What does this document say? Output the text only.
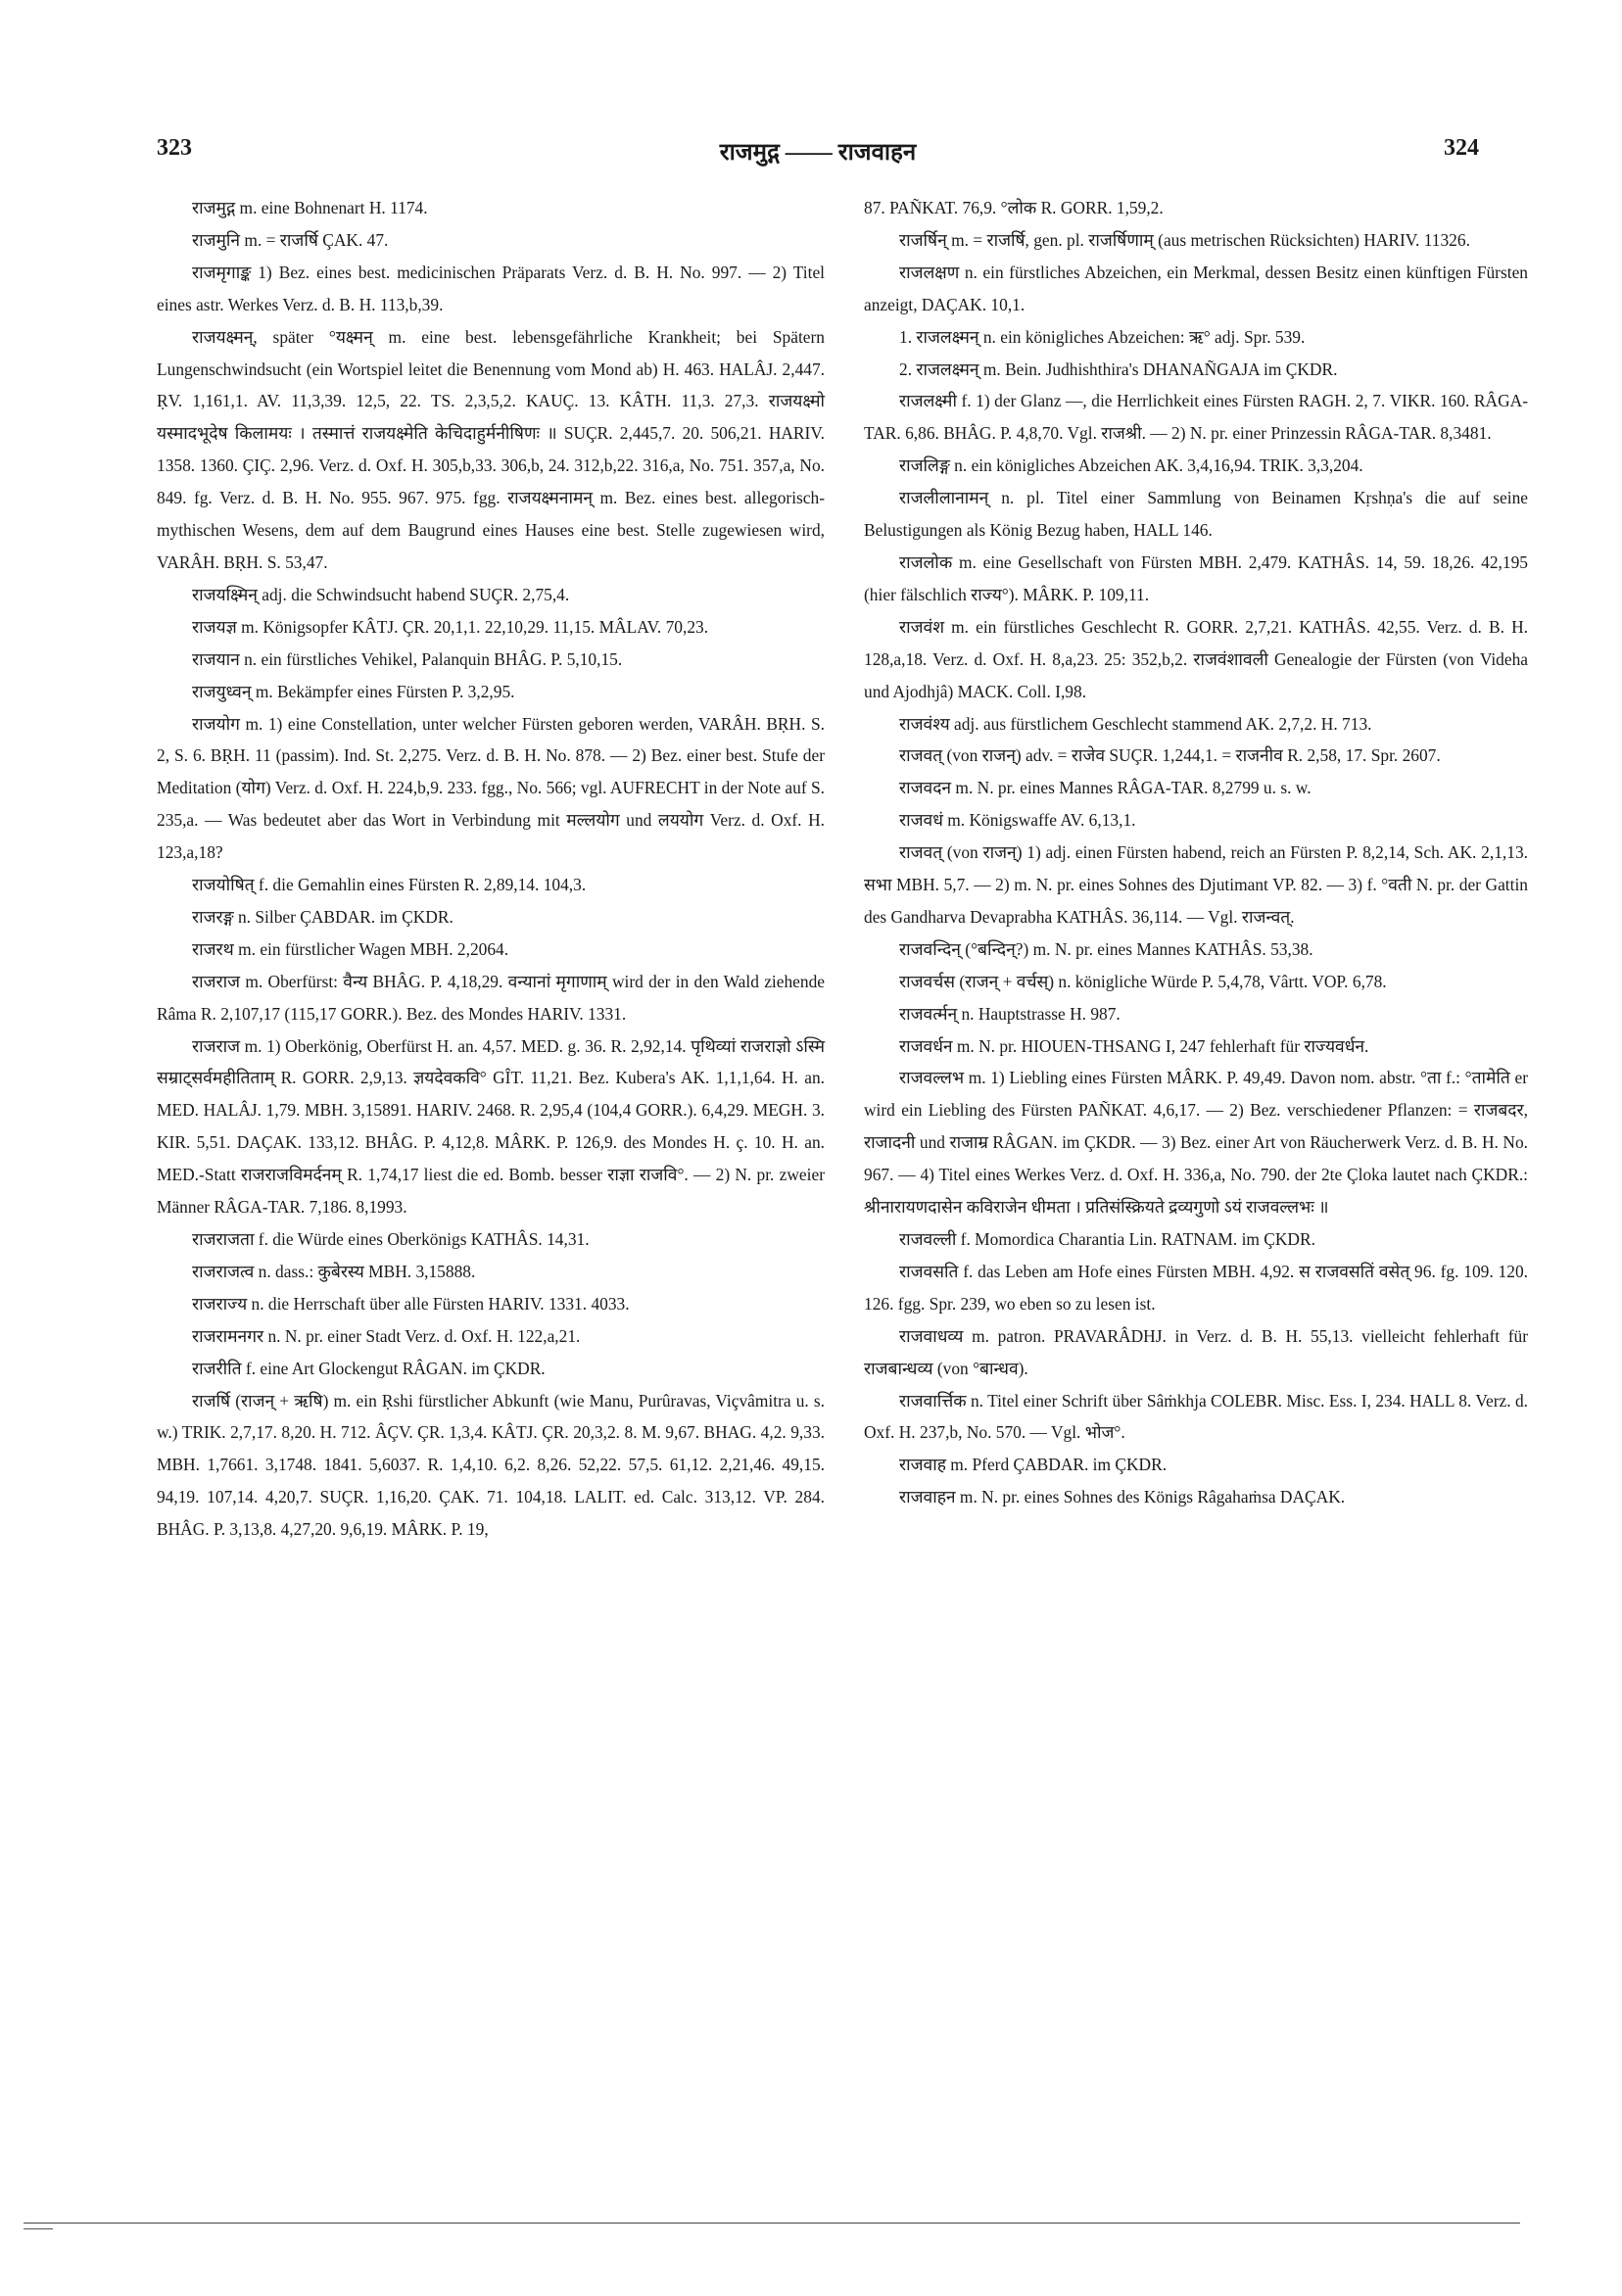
323	राजमुद्ग —— राजवाहन	324

राजमुद्ग m. eine Bohnenart H. 1174.

राजमुनि m. = राजर्षि ÇAK. 47.

राजमृगाङ्क 1) Bez. eines best. medicinischen Präparats Verz. d. B. H. No. 997. — 2) Titel eines astr. Werkes Verz. d. B. H. 113,b,39.

राजयक्ष्मन्, später °यक्ष्मन् m. eine best. lebensgefährliche Krankheit; bei Spätern Lungenschwindsucht (ein Wortspiel leitet die Benennung vom Mond ab) H. 463. HALÂJ. 2,447. ṚV. 1,161,1. AV. 11,3,39. 12,5, 22. TS. 2,3,5,2. KAUÇ. 13. KÂTH. 11,3. 27,3. राजयक्ष्मो यस्मादभूदेष किलामयः । तस्मात्तं राजयक्ष्मेति केचिदाहुर्मनीषिणः ॥ SUÇR. 2,445,7. 20. 506,21. HARIV. 1358. 1360. ÇIÇ. 2,96. Verz. d. Oxf. H. 305,b,33. 306,b, 24. 312,b,22. 316,a, No. 751. 357,a, No. 849. fg. Verz. d. B. H. No. 955. 967. 975. fgg. राजयक्ष्मनामन् m. Bez. eines best. allegorisch-mythischen Wesens, dem auf dem Baugrund eines Hauses eine best. Stelle zugewiesen wird, VARÂH. BṚH. S. 53,47.

राजयक्ष्मिन् adj. die Schwindsucht habend SUÇR. 2,75,4.

राजयज्ञ m. Königsopfer KÂTJ. ÇR. 20,1,1. 22,10,29. 11,15. MÂLAV. 70,23.

राजयान n. ein fürstliches Vehikel, Palanquin BHÂG. P. 5,10,15.

राजयुध्वन् m. Bekämpfer eines Fürsten P. 3,2,95.

राजयोग m. 1) eine Constellation, unter welcher Fürsten geboren werden, VARÂH. BṚH. S. 2, S. 6. BṚH. 11 (passim). Ind. St. 2,275. Verz. d. B. H. No. 878. — 2) Bez. einer best. Stufe der Meditation (योग) Verz. d. Oxf. H. 224,b,9. 233. fgg., No. 566; vgl. AUFRECHT in der Note auf S. 235,a. — Was bedeutet aber das Wort in Verbindung mit मल्लयोग und लययोग Verz. d. Oxf. H. 123,a,18?

राजयोषित् f. die Gemahlin eines Fürsten R. 2,89,14. 104,3.

राजरङ्ग n. Silber ÇABDAR. im ÇKDR.

राजरथ m. ein fürstlicher Wagen MBH. 2,2064.

राजराज m. Oberfürst: वैन्य BHÂG. P. 4,18,29. वन्यानां मृगाणाम् wird der in den Wald ziehende Râma R. 2,107,17 (115,17 GORR.). Bez. des Mondes HARIV. 1331.

राजराज m. 1) Oberkönig, Oberfürst H. an. 4,57. MED. g. 36. R. 2,92,14. पृथिव्यां राजराज्ञो ऽस्मि सम्राट्सर्वमहीतिताम् R. GORR. 2,9,13. ज्ञयदेवकवि° GÎT. 11,21. Bez. Kubera's AK. 1,1,1,64. H. an. MED. HALÂJ. 1,79. MBH. 3,15891. HARIV. 2468. R. 2,95,4 (104,4 GORR.). 6,4,29. MEGH. 3. KIR. 5,51. DAÇAK. 133,12. BHÂG. P. 4,12,8. MÂRK. P. 126,9. des Mondes H. ç. 10. H. an. MED.-Statt राजराजविमर्दनम् R. 1,74,17 liest die ed. Bomb. besser राज्ञा राजवि°. — 2) N. pr. zweier Männer RÂGA-TAR. 7,186. 8,1993.

राजराजता f. die Würde eines Oberkönigs KATHÂS. 14,31.

राजराजत्व n. dass.: कुबेरस्य MBH. 3,15888.

राजराज्य n. die Herrschaft über alle Fürsten HARIV. 1331. 4033.

राजरामनगर n. N. pr. einer Stadt Verz. d. Oxf. H. 122,a,21.

राजरीति f. eine Art Glockengut RÂGAN. im ÇKDR.

राजर्षि (राजन् + ऋषि) m. ein Ṛshi fürstlicher Abkunft (wie Manu, Purûravas, Viçvâmitra u. s. w.) TRIK. 2,7,17. 8,20. H. 712. ÂÇV. ÇR. 1,3,4. KÂTJ. ÇR. 20,3,2. 8. M. 9,67. BHAG. 4,2. 9,33. MBH. 1,7661. 3,1748. 1841. 5,6037. R. 1,4,10. 6,2. 8,26. 52,22. 57,5. 61,12. 2,21,46. 49,15. 94,19. 107,14. 4,20,7. SUÇR. 1,16,20. ÇAK. 71. 104,18. LALIT. ed. Calc. 313,12. VP. 284. BHÂG. P. 3,13,8. 4,27,20. 9,6,19. MÂRK. P. 19,

87. PAÑKAT. 76,9. °लोक R. GORR. 1,59,2.

राजर्षिन् m. = राजर्षि, gen. pl. राजर्षिणाम् (aus metrischen Rücksichten) HARIV. 11326.

राजलक्षण n. ein fürstliches Abzeichen, ein Merkmal, dessen Besitz einen künftigen Fürsten anzeigt, DAÇAK. 10,1.

1. राजलक्ष्मन् n. ein königliches Abzeichen: ऋ° adj. Spr. 539.

2. राजलक्ष्मन् m. Bein. Judhishthira's DHANAÑGAJA im ÇKDR.

राजलक्ष्मी f. 1) der Glanz —, die Herrlichkeit eines Fürsten RAGH. 2, 7. VIKR. 160. RÂGA-TAR. 6,86. BHÂG. P. 4,8,70. Vgl. राजश्री. — 2) N. pr. einer Prinzessin RÂGA-TAR. 8,3481.

राजलिङ्ग n. ein königliches Abzeichen AK. 3,4,16,94. TRIK. 3,3,204.

राजलीलानामन् n. pl. Titel einer Sammlung von Beinamen Kṛshṇa's die auf seine Belustigungen als König Bezug haben, HALL 146.

राजलोक m. eine Gesellschaft von Fürsten MBH. 2,479. KATHÂS. 14, 59. 18,26. 42,195 (hier fälschlich राज्य°). MÂRK. P. 109,11.

राजवंश m. ein fürstliches Geschlecht R. GORR. 2,7,21. KATHÂS. 42,55. Verz. d. B. H. 128,a,18. Verz. d. Oxf. H. 8,a,23. 25: 352,b,2. राजवंशावली Genealogie der Fürsten (von Videha und Ajodhjâ) MACK. Coll. I,98.

राजवंश्य adj. aus fürstlichem Geschlecht stammend AK. 2,7,2. H. 713.

राजवत् (von राजन्) adv. = राजेव SUÇR. 1,244,1. = राजनीव R. 2,58, 17. Spr. 2607.

राजवदन m. N. pr. eines Mannes RÂGA-TAR. 8,2799 u. s. w.

राजवधं m. Königswaffe AV. 6,13,1.

राजवत् (von राजन्) 1) adj. einen Fürsten habend, reich an Fürsten P. 8,2,14, Sch. AK. 2,1,13. सभा MBH. 5,7. — 2) m. N. pr. eines Sohnes des Djutimant VP. 82. — 3) f. °वती N. pr. der Gattin des Gandharva Devaprabha KATHÂS. 36,114. — Vgl. राजन्वत्.

राजवन्दिन् (°बन्दिन्?) m. N. pr. eines Mannes KATHÂS. 53,38.

राजवर्चस (राजन् + वर्चस्) n. königliche Würde P. 5,4,78, Vârtt. VOP. 6,78.

राजवर्त्मन् n. Hauptstrasse H. 987.

राजवर्धन m. N. pr. HIOUEN-THSANG I, 247 fehlerhaft für राज्यवर्धन.

राजवल्लभ m. 1) Liebling eines Fürsten MÂRK. P. 49,49. Davon nom. abstr. °ता f.: °तामेति er wird ein Liebling des Fürsten PAÑKAT. 4,6,17. — 2) Bez. verschiedener Pflanzen: = राजबदर, राजादनी und राजाम्र RÂGAN. im ÇKDR. — 3) Bez. einer Art von Räucherwerk Verz. d. B. H. No. 967. — 4) Titel eines Werkes Verz. d. Oxf. H. 336,a, No. 790. der 2te Çloka lautet nach ÇKDR.: श्रीनारायणदासेन कविराजेन धीमता । प्रतिसंस्क्रियते द्रव्यगुणो ऽयं राजवल्लभः ॥

राजवल्ली f. Momordica Charantia Lin. RATNAM. im ÇKDR.

राजवसति f. das Leben am Hofe eines Fürsten MBH. 4,92. स राजवसतिं वसेत् 96. fg. 109. 120. 126. fgg. Spr. 239, wo eben so zu lesen ist.

राजवाधव्य m. patron. PRAVARÂDHJ. in Verz. d. B. H. 55,13. vielleicht fehlerhaft für राजबान्धव्य (von °बान्धव).

राजवार्त्तिक n. Titel einer Schrift über Sâṁkhja COLEBR. Misc. Ess. I, 234. HALL 8. Verz. d. Oxf. H. 237,b, No. 570. — Vgl. भोज°.

राजवाह m. Pferd ÇABDAR. im ÇKDR.

राजवाहन m. N. pr. eines Sohnes des Königs Râgahaṁsa DAÇAK.
